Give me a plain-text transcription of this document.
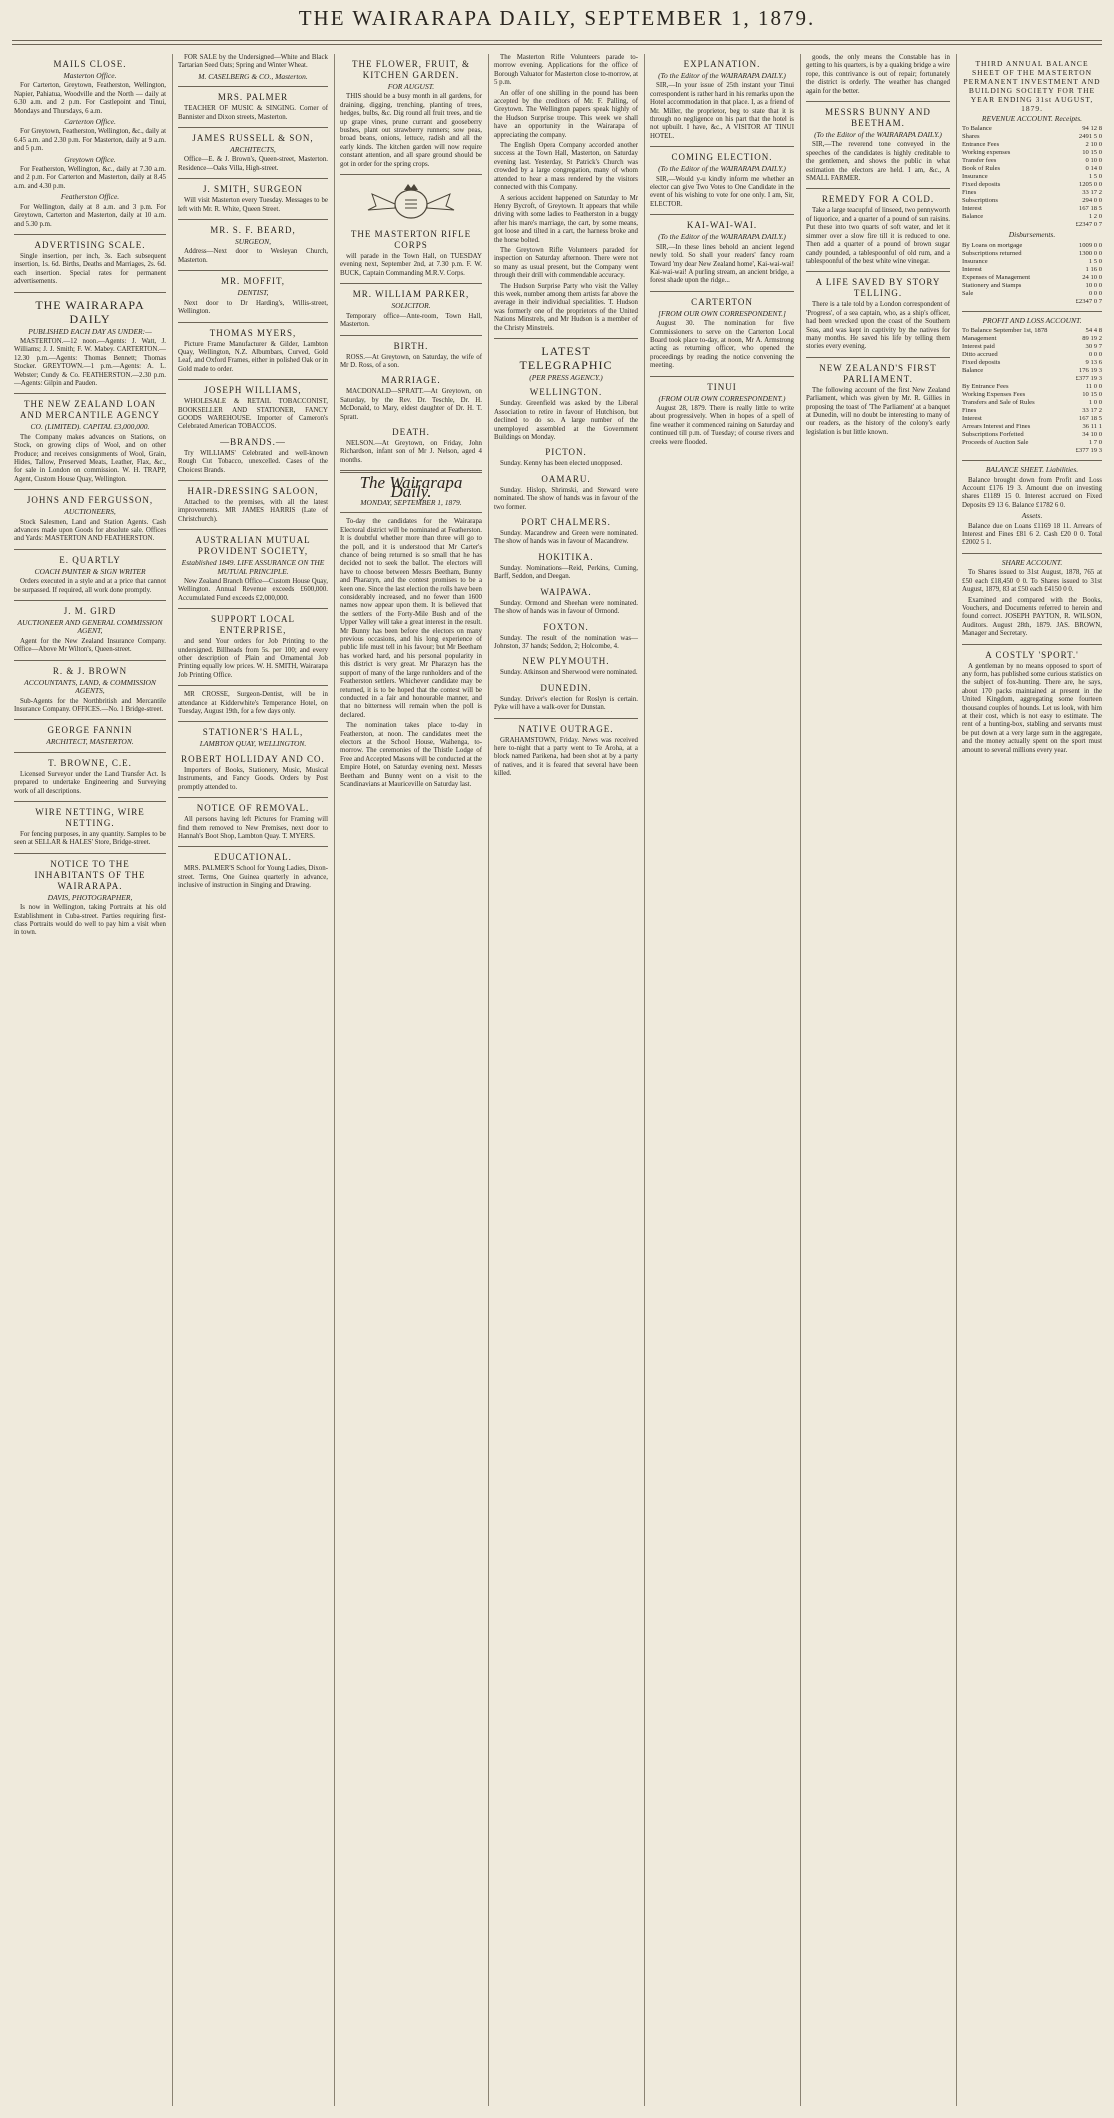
THE WAIRARAPA DAILY, SEPTEMBER 1, 1879.
MAILS CLOSE.
Masterton Office.

For Carterton, Greytown, Featherston, Wellington, Napier, Pahiatua, Woodville and the North — daily at 6.30 a.m. and 2 p.m. For Castlepoint and Tinui, Mondays and Thursdays, 6 a.m.

Carterton Office.

For Greytown, Featherston, Wellington, &c., daily at 6.45 a.m. and 2.30 p.m. For Masterton, daily at 9 a.m. and 5 p.m.

Greytown Office.

For Featherston, Wellington, &c., daily at 7.30 a.m. and 2 p.m. For Carterton and Masterton, daily at 8.45 a.m. and 4.30 p.m.

Featherston Office.

For Wellington, daily at 8 a.m. and 3 p.m. For Greytown, Carterton and Masterton, daily at 10 a.m. and 5.30 p.m.

ADVERTISING SCALE.

Single insertion, per inch, 3s. Each subsequent insertion, 1s. 6d. Births, Deaths and Marriages, 2s. 6d. each insertion. Special rates for permanent advertisements.

THE WAIRARAPA DAILY
PUBLISHED EACH DAY AS UNDER:—

MASTERTON.—12 noon.—Agents: J. Watt, J. Williams; J. J. Smith; F. W. Mabey. CARTERTON.—12.30 p.m.—Agents: Thomas Bennett; Thomas Stocker. GREYTOWN.—1 p.m.—Agents: A. L. Webster; Cundy & Co. FEATHERSTON.—2.30 p.m.—Agents: Gilpin and Pauden.

THE NEW ZEALAND LOAN AND MERCANTILE AGENCY
CO. (LIMITED). CAPITAL £3,000,000.

The Company makes advances on Stations, on Stock, on growing clips of Wool, and on other Produce; and receives consignments of Wool, Grain, Hides, Tallow, Preserved Meats, Leather, Flax, &c., for sale in London on commission. W. H. TRAPP, Agent, Custom House Quay, Wellington.

JOHNS AND FERGUSSON,
AUCTIONEERS,

Stock Salesmen, Land and Station Agents. Cash advances made upon Goods for absolute sale. Offices and Yards: MASTERTON AND FEATHERSTON.

E. QUARTLY
COACH PAINTER & SIGN WRITER

Orders executed in a style and at a price that cannot be surpassed. If required, all work done promptly.

J. M. GIRD
AUCTIONEER AND GENERAL COMMISSION AGENT,

Agent for the New Zealand Insurance Company. Office—Above Mr Wilton's, Queen-street.

R. & J. BROWN
ACCOUNTANTS, LAND, & COMMISSION AGENTS,

Sub-Agents for the Northbritish and Mercantile Insurance Company. OFFICES.—No. 1 Bridge-street.

GEORGE FANNIN
ARCHITECT, MASTERTON.
T. BROWNE, C.E.

Licensed Surveyor under the Land Transfer Act. Is prepared to undertake Engineering and Surveying work of all descriptions.

WIRE NETTING, WIRE NETTING.

For fencing purposes, in any quantity. Samples to be seen at SELLAR & HALES' Store, Bridge-street.

NOTICE TO THE INHABITANTS OF THE WAIRARAPA.
DAVIS, PHOTOGRAPHER,

Is now in Wellington, taking Portraits at his old Establishment in Cuba-street. Parties requiring first-class Portraits would do well to pay him a visit when in town.

FOR SALE by the Undersigned—White and Black Tartarian Seed Oats; Spring and Winter Wheat.

M. CASELBERG & CO., Masterton.
MRS. PALMER

TEACHER OF MUSIC & SINGING. Corner of Bannister and Dixon streets, Masterton.

JAMES RUSSELL & SON,
ARCHITECTS,

Office—E. & J. Brown's, Queen-street, Masterton. Residence—Oaks Villa, High-street.

J. SMITH, SURGEON

Will visit Masterton every Tuesday. Messages to be left with Mr. R. White, Queen Street.

MR. S. F. BEARD,
SURGEON,

Address—Next door to Wesleyan Church, Masterton.

MR. MOFFIT,
DENTIST,

Next door to Dr Harding's, Willis-street, Wellington.

THOMAS MYERS,

Picture Frame Manufacturer & Gilder, Lambton Quay, Wellington, N.Z. Albumbars, Curved, Gold Leaf, and Oxford Frames, either in polished Oak or in Gold made to order.

JOSEPH WILLIAMS,

WHOLESALE & RETAIL TOBACCONIST, BOOKSELLER AND STATIONER, FANCY GOODS WAREHOUSE. Importer of Cameron's Celebrated American TOBACCOS.

—BRANDS.—

Try WILLIAMS' Celebrated and well-known Rough Cut Tobacco, unexcelled. Cases of the Choicest Brands.

HAIR-DRESSING SALOON,

Attached to the premises, with all the latest improvements. MR JAMES HARRIS (Late of Christchurch).

AUSTRALIAN MUTUAL PROVIDENT SOCIETY,
Established 1849. LIFE ASSURANCE ON THE MUTUAL PRINCIPLE.

New Zealand Branch Office—Custom House Quay, Wellington. Annual Revenue exceeds £600,000. Accumulated Fund exceeds £2,000,000.

SUPPORT LOCAL ENTERPRISE,

and send Your orders for Job Printing to the undersigned. Billheads from 5s. per 100; and every other description of Plain and Ornamental Job Printing equally low prices. W. H. SMITH, Wairarapa Job Printing Office.

MR CROSSE, Surgeon-Dentist, will be in attendance at Kidderwhite's Temperance Hotel, on Tuesday, August 19th, for a few days only.

STATIONER'S HALL,
LAMBTON QUAY, WELLINGTON.
ROBERT HOLLIDAY AND CO.

Importers of Books, Stationery, Music, Musical Instruments, and Fancy Goods. Orders by Post promptly attended to.

NOTICE OF REMOVAL.

All persons having left Pictures for Framing will find them removed to New Premises, next door to Hannah's Boot Shop, Lambton Quay. T. MYERS.

EDUCATIONAL.

MRS. PALMER'S School for Young Ladies, Dixon-street. Terms, One Guinea quarterly in advance, inclusive of instruction in Singing and Drawing.

THE FLOWER, FRUIT, & KITCHEN GARDEN.
FOR AUGUST.

THIS should be a busy month in all gardens, for draining, digging, trenching, planting of trees, hedges, bulbs, &c. Dig round all fruit trees, and tie up grape vines, prune currant and gooseberry bushes, plant out strawberry runners; sow peas, broad beans, onions, lettuce, radish and all the early kinds. The kitchen garden will now require constant attention, and all spare ground should be got in order for the spring crops.

THE MASTERTON RIFLE CORPS

will parade in the Town Hall, on TUESDAY evening next, September 2nd, at 7.30 p.m. F. W. BUCK, Captain Commanding M.R.V. Corps.

MR. WILLIAM PARKER,
SOLICITOR.

Temporary office—Ante-room, Town Hall, Masterton.

BIRTH.

ROSS.—At Greytown, on Saturday, the wife of Mr D. Ross, of a son.

MARRIAGE.

MACDONALD—SPRATT.—At Greytown, on Saturday, by the Rev. Dr. Teschle, Dr. H. McDonald, to Mary, eldest daughter of Dr. H. T. Spratt.

DEATH.

NELSON.—At Greytown, on Friday, John Richardson, infant son of Mr J. Nelson, aged 4 months.

The Wairarapa Daily.
MONDAY, SEPTEMBER 1, 1879.

To-day the candidates for the Wairarapa Electoral district will be nominated at Featherston. It is doubtful whether more than three will go to the poll, and it is understood that Mr Carter's chance of being returned is so small that he has decided not to seek the ballot. The electors will have to choose between Messrs Beetham, Bunny and Pharazyn, and the contest promises to be a keen one. Since the last election the rolls have been considerably increased, and no fewer than 1600 names now appear upon them. It is believed that the settlers of the Forty-Mile Bush and of the Upper Valley will take a great interest in the result. Mr Bunny has been before the electors on many previous occasions, and his long experience of public life must tell in his favour; but Mr Beetham has worked hard, and his personal popularity in this district is very great. Mr Pharazyn has the support of many of the large runholders and of the Featherston settlers. Whichever candidate may be returned, it is to be hoped that the contest will be conducted in a fair and honourable manner, and that no bitterness will remain when the poll is declared.

The nomination takes place to-day in Featherston, at noon. The candidates meet the electors at the School House, Waihenga, to-morrow. The ceremonies of the Thistle Lodge of Free and Accepted Masons will be conducted at the Empire Hotel, on Saturday evening next. Messrs Beetham and Bunny went on a visit to the Scandinavians at Mauriceville on Saturday last.

The Masterton Rifle Volunteers parade to-morrow evening. Applications for the office of Borough Valuator for Masterton close to-morrow, at 5 p.m.

An offer of one shilling in the pound has been accepted by the creditors of Mr. F. Palling, of Greytown. The Wellington papers speak highly of the Hudson Surprise troupe. This week we shall have an opportunity in the Wairarapa of appreciating the company.

The English Opera Company accorded another success at the Town Hall, Masterton, on Saturday evening last. Yesterday, St Patrick's Church was crowded by a large congregation, many of whom attended to hear a mass rendered by the visitors connected with this Company.

A serious accident happened on Saturday to Mr Henry Bycroft, of Greytown. It appears that while driving with some ladies to Featherston in a buggy after his mare's marriage, the cart, by some means, got loose and tilted in a cart, the harness broke and the horse bolted.

The Greytown Rifle Volunteers paraded for inspection on Saturday afternoon. There were not so many as usual present, but the Company went through their drill with commendable accuracy.

The Hudson Surprise Party who visit the Valley this week, number among them artists far above the average in their individual specialities. T. Hudson was formerly one of the proprietors of the United Nations Minstrels, and Mr Hudson is a member of the Christy Minstrels.

LATEST TELEGRAPHIC
(PER PRESS AGENCY.)
WELLINGTON.

Sunday. Greenfield was asked by the Liberal Association to retire in favour of Hutchison, but declined to do so. A large number of the unemployed assembled at the Government Buildings on Monday.

PICTON.

Sunday. Kenny has been elected unopposed.

OAMARU.

Sunday. Hislop, Shrimski, and Steward were nominated. The show of hands was in favour of the two former.

PORT CHALMERS.

Sunday. Macandrew and Green were nominated. The show of hands was in favour of Macandrew.

HOKITIKA.

Sunday. Nominations—Reid, Perkins, Cuming, Barff, Seddon, and Deegan.

WAIPAWA.

Sunday. Ormond and Sheehan were nominated. The show of hands was in favour of Ormond.

FOXTON.

Sunday. The result of the nomination was—Johnston, 37 hands; Seddon, 2; Holcombe, 4.

NEW PLYMOUTH.

Sunday. Atkinson and Sherwood were nominated.

DUNEDIN.

Sunday. Driver's election for Roslyn is certain. Pyke will have a walk-over for Dunstan.

NATIVE OUTRAGE.

GRAHAMSTOWN, Friday. News was received here to-night that a party went to Te Aroha, at a block named Parikena, had been shot at by a party of natives, and it is feared that several have been killed.

EXPLANATION.
(To the Editor of the WAIRARAPA DAILY.)

SIR,—In your issue of 25th instant your Tinui correspondent is rather hard in his remarks upon the Hotel accommodation in that place. I, as a friend of Mr. Miller, the proprietor, beg to state that it is through no negligence on his part that the hotel is not upbuilt. I have, &c., A VISITOR AT TINUI HOTEL.

COMING ELECTION.
(To the Editor of the WAIRARAPA DAILY.)

SIR,—Would y-u kindly inform me whether an elector can give Two Votes to One Candidate in the event of his wishing to vote for one only. I am, Sir, ELECTOR.

KAI-WAI-WAI.
(To the Editor of the WAIRARAPA DAILY.)

SIR,—In these lines behold an ancient legend newly told. So shall your readers' fancy roam Toward 'my dear New Zealand home', Kai-wai-wai! Kai-wai-wai! A purling stream, an ancient bridge, a forest shade upon the ridge...

CARTERTON
[FROM OUR OWN CORRESPONDENT.]

August 30. The nomination for five Commissioners to serve on the Carterton Local Board took place to-day, at noon, Mr A. Armstrong acting as returning officer, who opened the proceedings by reading the notice convening the meeting.

TINUI
(FROM OUR OWN CORRESPONDENT.)

August 28, 1879. There is really little to write about progressively. When in hopes of a spell of fine weather it commenced raining on Saturday and continued till p.m. of Tuesday; of course rivers and creeks were flooded.

goods, the only means the Constable has in getting to his quarters, is by a quaking bridge a wire rope, this contrivance is out of repair; fortunately the district is orderly. The weather has changed again for the better.

MESSRS BUNNY AND BEETHAM.
(To the Editor of the WAIRARAPA DAILY.)

SIR,—The reverend tone conveyed in the speeches of the candidates is highly creditable to the gentlemen, and shows the public in what estimation the electors are held. I am, &c., A SMALL FARMER.

REMEDY FOR A COLD.

Take a large teacupful of linseed, two pennyworth of liquorice, and a quarter of a pound of sun raisins. Put these into two quarts of soft water, and let it simmer over a slow fire till it is reduced to one. Then add a quarter of a pound of brown sugar candy pounded, a tablespoonful of old rum, and a tablespoonful of the best white wine vinegar.

A LIFE SAVED BY STORY TELLING.

There is a tale told by a London correspondent of 'Progress', of a sea captain, who, as a ship's officer, had been wrecked upon the coast of the Southern Seas, and was kept in captivity by the natives for many months. He saved his life by telling them stories every evening.

NEW ZEALAND'S FIRST PARLIAMENT.

The following account of the first New Zealand Parliament, which was given by Mr. R. Gillies in proposing the toast of 'The Parliament' at a banquet at Dunedin, will no doubt be interesting to many of our readers, as the history of the colony's early legislation is but little known.

THIRD ANNUAL BALANCE SHEET OF THE MASTERTON PERMANENT INVESTMENT AND BUILDING SOCIETY FOR THE YEAR ENDING 31st AUGUST, 1879.
REVENUE ACCOUNT. Receipts.
To Balance	94 12 8
Shares	2491 5 0
Entrance Fees	2 10 0
Working expenses	10 15 0
Transfer fees	0 10 0
Book of Rules	0 14 0
Insurance	1 5 0
Fixed deposits	1205 0 0
Fines	33 17 2
Subscriptions	294 0 0
Interest	167 18 5
Balance	1 2 0
£2347 0 7
Disbursements.
By Loans on mortgage	1009 0 0
Subscriptions returned	1300 0 0
Insurance	1 5 0
Interest	1 16 0
Expenses of Management	24 10 0
Stationery and Stamps	10 0 0
Sale	0 0 0
£2347 0 7
PROFIT AND LOSS ACCOUNT.
To Balance September 1st, 1878	54 4 8
Management	89 19 2
Interest paid	30 9 7
Ditto accrued	0 0 0
Fixed deposits	9 13 6
Balance	176 19 3
£377 19 3
By Entrance Fees	11 0 0
Working Expenses Fees	10 15 0
Transfers and Sale of Rules	1 0 0
Fines	33 17 2
Interest	167 18 5
Arrears Interest and Fines	36 11 1
Subscriptions Forfeited	34 10 0
Proceeds of Auction Sale	1 7 0
£377 19 3
BALANCE SHEET. Liabilities.

Balance brought down from Profit and Loss Account £176 19 3. Amount due on investing shares £1189 15 0. Interest accrued on Fixed Deposits £9 13 6. Balance £1782 6 0.

Assets.

Balance due on Loans £1169 18 11. Arrears of Interest and Fines £81 6 2. Cash £20 0 0. Total £2002 5 1.

SHARE ACCOUNT.

To Shares issued to 31st August, 1878, 765 at £50 each £18,450 0 0. To Shares issued to 31st August, 1879, 83 at £50 each £4150 0 0.

Examined and compared with the Books, Vouchers, and Documents referred to herein and found correct. JOSEPH PAYTON, R. WILSON, Auditors. August 28th, 1879. JAS. BROWN, Manager and Secretary.

A COSTLY 'SPORT.'

A gentleman by no means opposed to sport of any form, has published some curious statistics on the subject of fox-hunting. There are, he says, about 170 packs maintained at present in the United Kingdom, aggregating some fourteen thousand couples of hounds. Let us look, with him at their cost, which is not easy to estimate. The rent of a hunting-box, stabling and servants must be put down at a very large sum in the aggregate, and the money actually spent on the sport must amount to several millions every year.
